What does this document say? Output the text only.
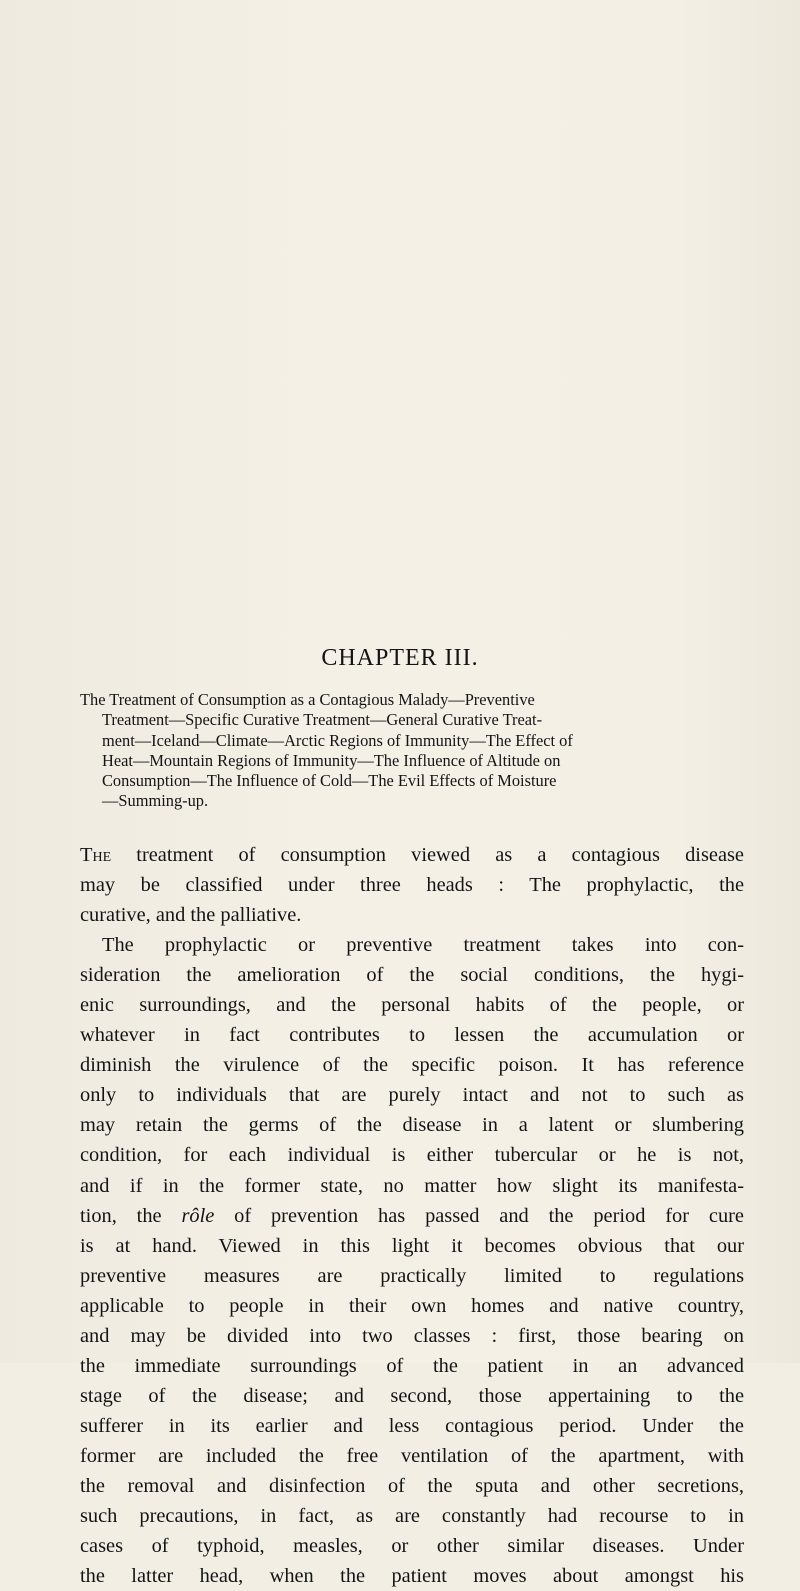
CHAPTER III.

The Treatment of Consumption as a Contagious Malady—Preventive
Treatment—Specific Curative Treatment—General Curative Treat-
ment—Iceland—Climate—Arctic Regions of Immunity—The Effect of
Heat—Mountain Regions of Immunity—The Influence of Altitude on
Consumption—The Influence of Cold—The Evil Effects of Moisture
—Summing-up.

The treatment of consumption viewed as a contagious disease
may be classified under three heads : The prophylactic, the
curative, and the palliative.
The prophylactic or preventive treatment takes into con-
sideration the amelioration of the social conditions, the hygi-
enic surroundings, and the personal habits of the people, or
whatever in fact contributes to lessen the accumulation or
diminish the virulence of the specific poison. It has reference
only to individuals that are purely intact and not to such as
may retain the germs of the disease in a latent or slumbering
condition, for each individual is either tubercular or he is not,
and if in the former state, no matter how slight its manifesta-
tion, the rôle of prevention has passed and the period for cure
is at hand. Viewed in this light it becomes obvious that our
preventive measures are practically limited to regulations
applicable to people in their own homes and native country,
and may be divided into two classes : first, those bearing on
the immediate surroundings of the patient in an advanced
stage of the disease; and second, those appertaining to the
sufferer in its earlier and less contagious period. Under the
former are included the free ventilation of the apartment, with
the removal and disinfection of the sputa and other secretions,
such precautions, in fact, as are constantly had recourse to in
cases of typhoid, measles, or other similar diseases. Under
the latter head, when the patient moves about amongst his
